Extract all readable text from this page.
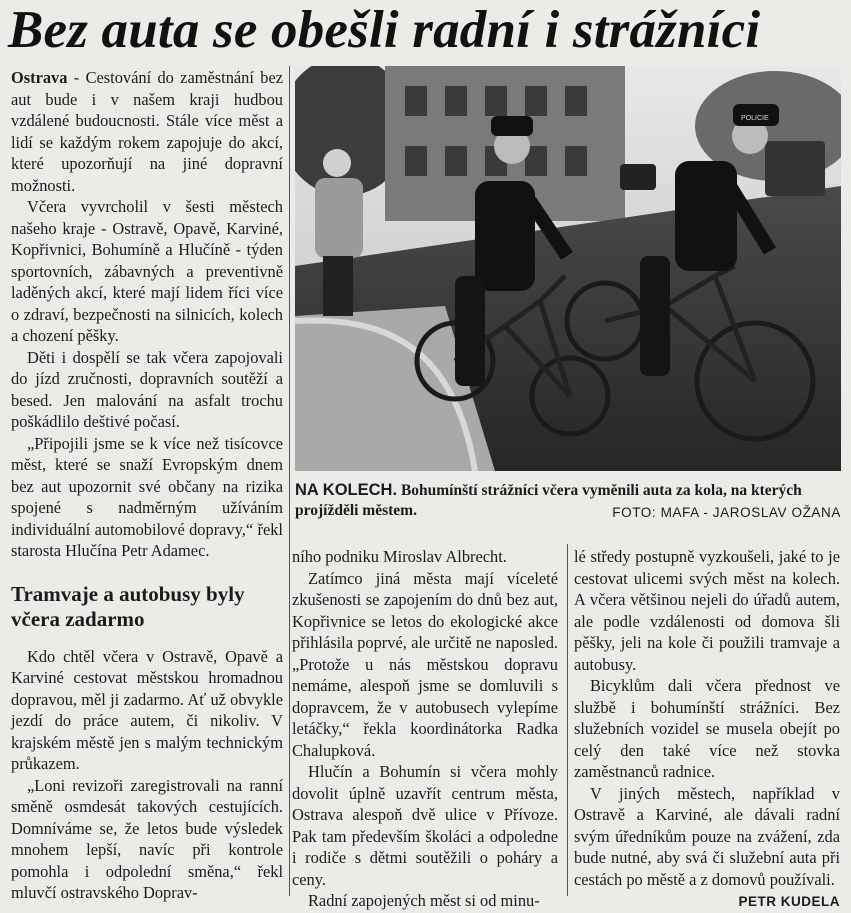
Bez auta se obešli radní i strážníci

Ostrava - Cestování do zaměstnání bez aut bude i v našem kraji hudbou vzdálené budoucnosti. Stále více měst a lidí se každým rokem zapojuje do akcí, které upozorňují na jiné dopravní možnosti.

Včera vyvrcholil v šesti městech našeho kraje - Ostravě, Opavě, Karviné, Kopřivnici, Bohumíně a Hlučíně - týden sportovních, zábavných a preventivně laděných akcí, které mají lidem říci více o zdraví, bezpečnosti na silnicích, kolech a chození pěšky.

Děti i dospělí se tak včera zapojovali do jízd zručnosti, dopravních soutěží a besed. Jen malování na asfalt trochu poškádlilo deštivé počasí.

„Připojili jsme se k více než tisícovce měst, které se snaží Evropským dnem bez aut upozornit své občany na rizika spojené s nadměrným užíváním individuální automobilové dopravy,“ řekl starosta Hlučína Petr Adamec.

Tramvaje a autobusy byly včera zadarmo

Kdo chtěl včera v Ostravě, Opavě a Karviné cestovat městskou hromadnou dopravou, měl ji zadarmo. Ať už obvykle jezdí do práce autem, či nikoliv. V krajském městě jen s malým technickým průkazem.

„Loni revizoři zaregistrovali na ranní směně osmdesát takových cestujících. Domníváme se, že letos bude výsledek mnohem lepší, navíc při kontrole pomohla i odpolední směna,“ řekl mluvčí ostravského Doprav-

POLICIE
NA KOLECH. Bohumínští strážníci včera vyměnili auta za kola, na kterých projížděli městem.	FOTO: MAFA - JAROSLAV OŽANA

ního podniku Miroslav Albrecht.

Zatímco jiná města mají víceleté zkušenosti se zapojením do dnů bez aut, Kopřivnice se letos do ekologické akce přihlásila poprvé, ale určitě ne naposled. „Protože u nás městskou dopravu nemáme, alespoň jsme se domluvili s dopravcem, že v autobusech vylepíme letáčky,“ řekla koordinátorka Radka Chalupková.

Hlučín a Bohumín si včera mohly dovolit úplně uzavřít centrum města, Ostrava alespoň dvě ulice v Přívoze. Pak tam především školáci a odpoledne i rodiče s dětmi soutěžili o poháry a ceny.

Radní zapojených měst si od minu-

lé středy postupně vyzkoušeli, jaké to je cestovat ulicemi svých měst na kolech. A včera většinou nejeli do úřadů autem, ale podle vzdálenosti od domova šli pěšky, jeli na kole či použili tramvaje a autobusy.

Bicyklům dali včera přednost ve službě i bohumínští strážníci. Bez služebních vozidel se musela obejít po celý den také více než stovka zaměstnanců radnice.

V jiných městech, například v Ostravě a Karviné, ale dávali radní svým úředníkům pouze na zvážení, zda bude nutné, aby svá či služební auta při cestách po městě a z domovů používali.
PETR KUDELA
